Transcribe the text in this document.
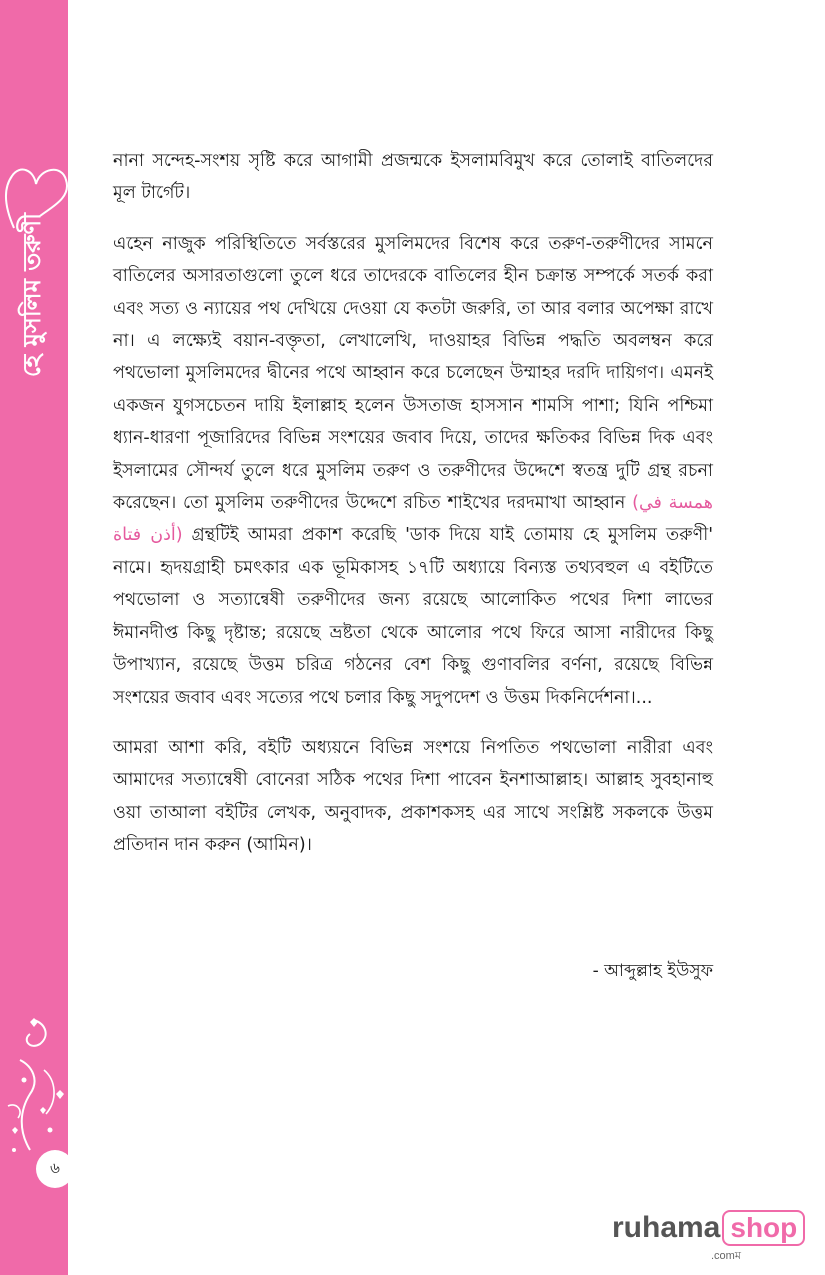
হে মুসলিম তরুণী
৬

নানা সন্দেহ-সংশয় সৃষ্টি করে আগামী প্রজন্মকে ইসলামবিমুখ করে তোলাই বাতিলদের মূল টার্গেট।

এহেন নাজুক পরিস্থিতিতে সর্বস্তরের মুসলিমদের বিশেষ করে তরুণ-তরুণীদের সামনে বাতিলের অসারতাগুলো তুলে ধরে তাদেরকে বাতিলের হীন চক্রান্ত সম্পর্কে সতর্ক করা এবং সত্য ও ন্যায়ের পথ দেখিয়ে দেওয়া যে কতটা জরুরি, তা আর বলার অপেক্ষা রাখে না। এ লক্ষ্যেই বয়ান-বক্তৃতা, লেখালেখি, দাওয়াহর বিভিন্ন পদ্ধতি অবলম্বন করে পথভোলা মুসলিমদের দ্বীনের পথে আহ্বান করে চলেছেন উম্মাহর দরদি দায়িগণ। এমনই একজন যুগসচেতন দায়ি ইলাল্লাহ হলেন উসতাজ হাসসান শামসি পাশা; যিনি পশ্চিমা ধ্যান-ধারণা পূজারিদের বিভিন্ন সংশয়ের জবাব দিয়ে, তাদের ক্ষতিকর বিভিন্ন দিক এবং ইসলামের সৌন্দর্য তুলে ধরে মুসলিম তরুণ ও তরুণীদের উদ্দেশে স্বতন্ত্র দুটি গ্রন্থ রচনা করেছেন। তো মুসলিম তরুণীদের উদ্দেশে রচিত শাইখের দরদমাখা আহ্বান (همسة في أذن فتاة) গ্রন্থটিই আমরা প্রকাশ করেছি 'ডাক দিয়ে যাই তোমায় হে মুসলিম তরুণী' নামে। হৃদয়গ্রাহী চমৎকার এক ভূমিকাসহ ১৭টি অধ্যায়ে বিন্যস্ত তথ্যবহুল এ বইটিতে পথভোলা ও সত্যান্বেষী তরুণীদের জন্য রয়েছে আলোকিত পথের দিশা লাভের ঈমানদীপ্ত কিছু দৃষ্টান্ত; রয়েছে ভ্রষ্টতা থেকে আলোর পথে ফিরে আসা নারীদের কিছু উপাখ্যান, রয়েছে উত্তম চরিত্র গঠনের বেশ কিছু গুণাবলির বর্ণনা, রয়েছে বিভিন্ন সংশয়ের জবাব এবং সত্যের পথে চলার কিছু সদুপদেশ ও উত্তম দিকনির্দেশনা।...

আমরা আশা করি, বইটি অধ্যয়নে বিভিন্ন সংশয়ে নিপতিত পথভোলা নারীরা এবং আমাদের সত্যান্বেষী বোনেরা সঠিক পথের দিশা পাবেন ইনশাআল্লাহ। আল্লাহ সুবহানাহু ওয়া তাআলা বইটির লেখক, অনুবাদক, প্রকাশকসহ এর সাথে সংশ্লিষ্ট সকলকে উত্তম প্রতিদান দান করুন (আমিন)।

- আব্দুল্লাহ ইউসুফ
ruhama shop
.comম
